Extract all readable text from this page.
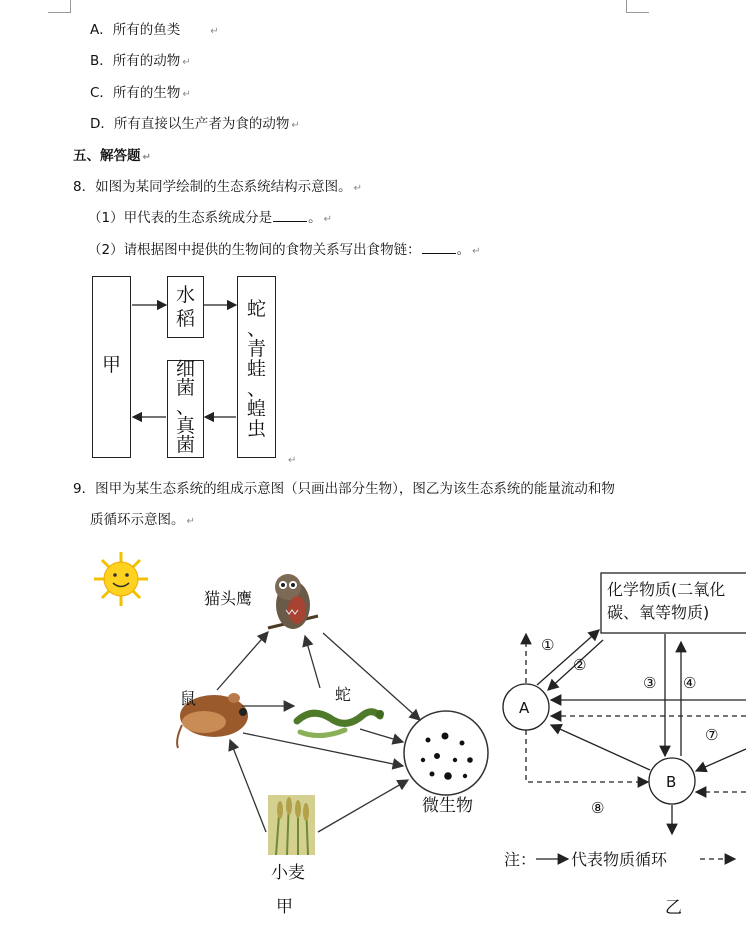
A．所有的鱼类	↵
B．所有的动物 ↵
C．所有的生物 ↵
D．所有直接以生产者为食的动物 ↵
五、解答题 ↵
8．如图为某同学绘制的生态系统结构示意图。 ↵
（1）甲代表的生态系统成分是	。 ↵
（2）请根据图中提供的生物间的食物关系写出食物链：	。 ↵
甲
水
稻
细
菌
、
真
菌
蛇
、
青
蛙
、
蝗
虫
↵
9．图甲为某生态系统的组成示意图（只画出部分生物），图乙为该生态系统的能量流动和物
质循环示意图。 ↵
猫头鹰
鼠	蛇
小麦
微生物
甲
化学物质(二氧化
碳、氧等物质)
A
B
①
②
③ ④
⑦
⑧
注： 代表物质循环
乙
